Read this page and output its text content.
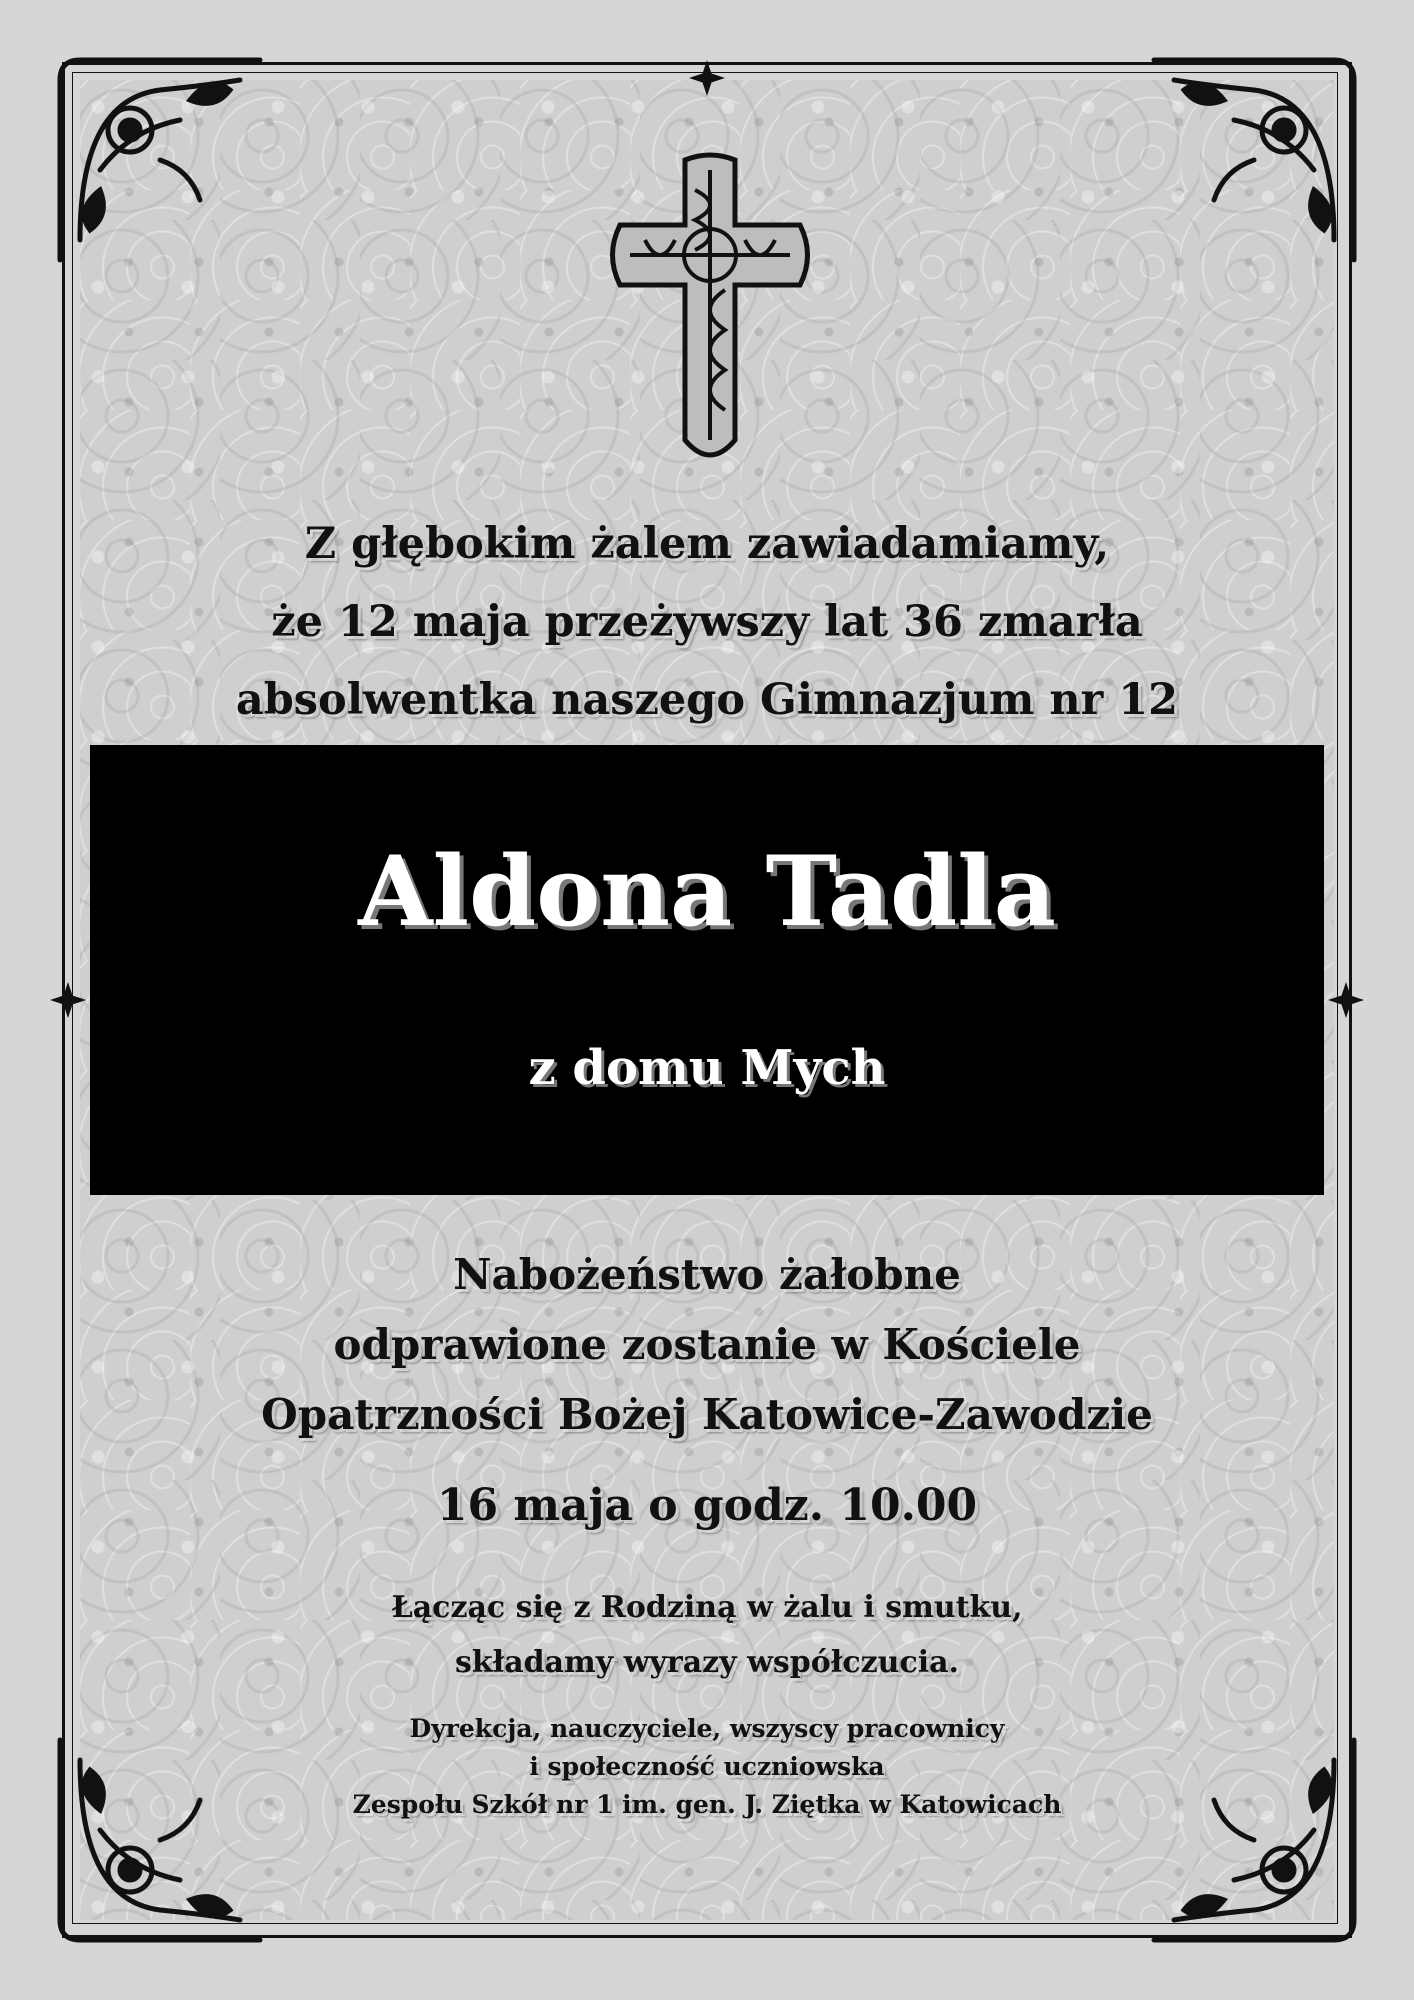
Z głębokim żalem zawiadamiamy,
że 12 maja przeżywszy lat 36 zmarła
absolwentka naszego Gimnazjum nr 12
Aldona Tadla
z domu Mych
Nabożeństwo żałobne
odprawione zostanie w Kościele
Opatrzności Bożej Katowice-Zawodzie
16 maja o godz. 10.00
Łącząc się z Rodziną w żalu i smutku,
składamy wyrazy współczucia.
Dyrekcja, nauczyciele, wszyscy pracownicy
i społeczność uczniowska
Zespołu Szkół nr 1 im. gen. J. Ziętka w Katowicach
